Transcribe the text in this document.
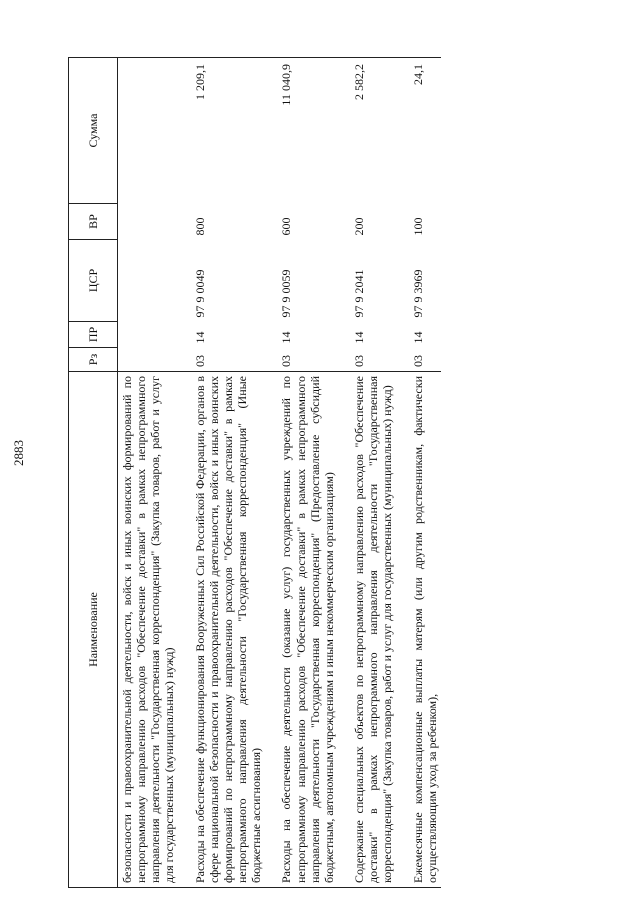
2883
Наименование	Рз	ПР	ЦСР	ВР	Сумма
безопасности и правоохранительной деятельности, войск и иных воинских формирований по непрограммному направлению расходов "Обеспечение доставки" в рамках непрограммного направления деятельности "Государственная корреспонденция" (Закупка товаров, работ и услуг для государственных (муниципальных) нужд)					
Расходы на обеспечение функционирования Вооруженных Сил Российской Федерации, органов в сфере национальной безопасности и правоохранительной деятельности, войск и иных воинских формирований по непрограммному направлению расходов "Обеспечение доставки" в рамках непрограммного направления деятельности "Государственная корреспонденция" (Иные бюджетные ассигнования)	03	14	97 9 0049	800	1 209,1
Расходы на обеспечение деятельности (оказание услуг) государственных учреждений по непрограммному направлению расходов "Обеспечение доставки" в рамках непрограммного направления деятельности "Государственная корреспонденция" (Предоставление субсидий бюджетным, автономным учреждениям и иным некоммерческим организациям)	03	14	97 9 0059	600	11 040,9
Содержание специальных объектов по непрограммному направлению расходов "Обеспечение доставки" в рамках непрограммного направления деятельности "Государственная корреспонденция" (Закупка товаров, работ и услуг для государственных (муниципальных) нужд)	03	14	97 9 2041	200	2 582,2
Ежемесячные компенсационные выплаты матерям (или другим родственникам, фактически осуществляющим уход за ребенком),	03	14	97 9 3969	100	24,1
